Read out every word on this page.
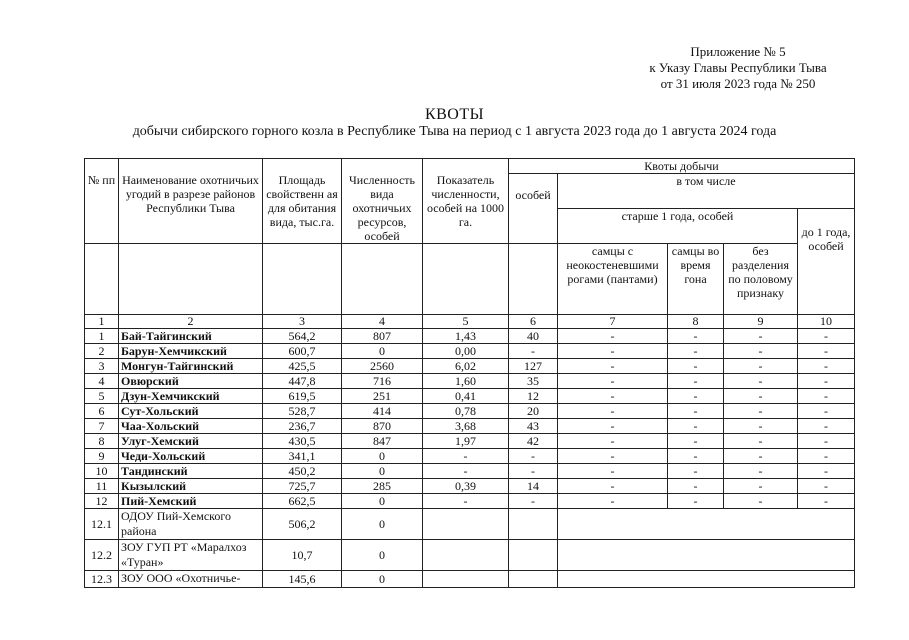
Приложение № 5
к Указу Главы Республики Тыва
от 31 июля 2023 года № 250
КВОТЫ
добычи сибирского горного козла в Республике Тыва на период с 1 августа 2023 года до 1 августа 2024 года
№ пп	Наименование охотничьих угодий в разрезе районов Республики Тыва	Площадь свойственн ая для обитания вида, тыс.га.	Численность вида охотничьих ресурсов, особей	Показатель численности, особей на 1000 га.	Квоты добычи				
					особей	в том числе			
						старше 1 года, особей			до 1 года, особей
						самцы с неокостеневшими рогами (пантами)	самцы во время гона	без разделения по половому признаку	
1	2	3	4	5	6	7	8	9	10
1	Бай-Тайгинский	564,2	807	1,43	40	-	-	-	-
2	Барун-Хемчикский	600,7	0	0,00	-	-	-	-	-
3	Монгун-Тайгинский	425,5	2560	6,02	127	-	-	-	-
4	Овюрский	447,8	716	1,60	35	-	-	-	-
5	Дзун-Хемчикский	619,5	251	0,41	12	-	-	-	-
6	Сут-Хольский	528,7	414	0,78	20	-	-	-	-
7	Чаа-Хольский	236,7	870	3,68	43	-	-	-	-
8	Улуг-Хемский	430,5	847	1,97	42	-	-	-	-
9	Чеди-Хольский	341,1	0	-	-	-	-	-	-
10	Тандинский	450,2	0	-	-	-	-	-	-
11	Кызылский	725,7	285	0,39	14	-	-	-	-
12	Пий-Хемский	662,5	0	-	-	-	-	-	-
12.1	ОДОУ Пий-Хемского района	506,2	0						
12.2	ЗОУ ГУП РТ «Маралхоз «Туран»	10,7	0						
12.3	ЗОУ ООО «Охотничье-	145,6	0						
